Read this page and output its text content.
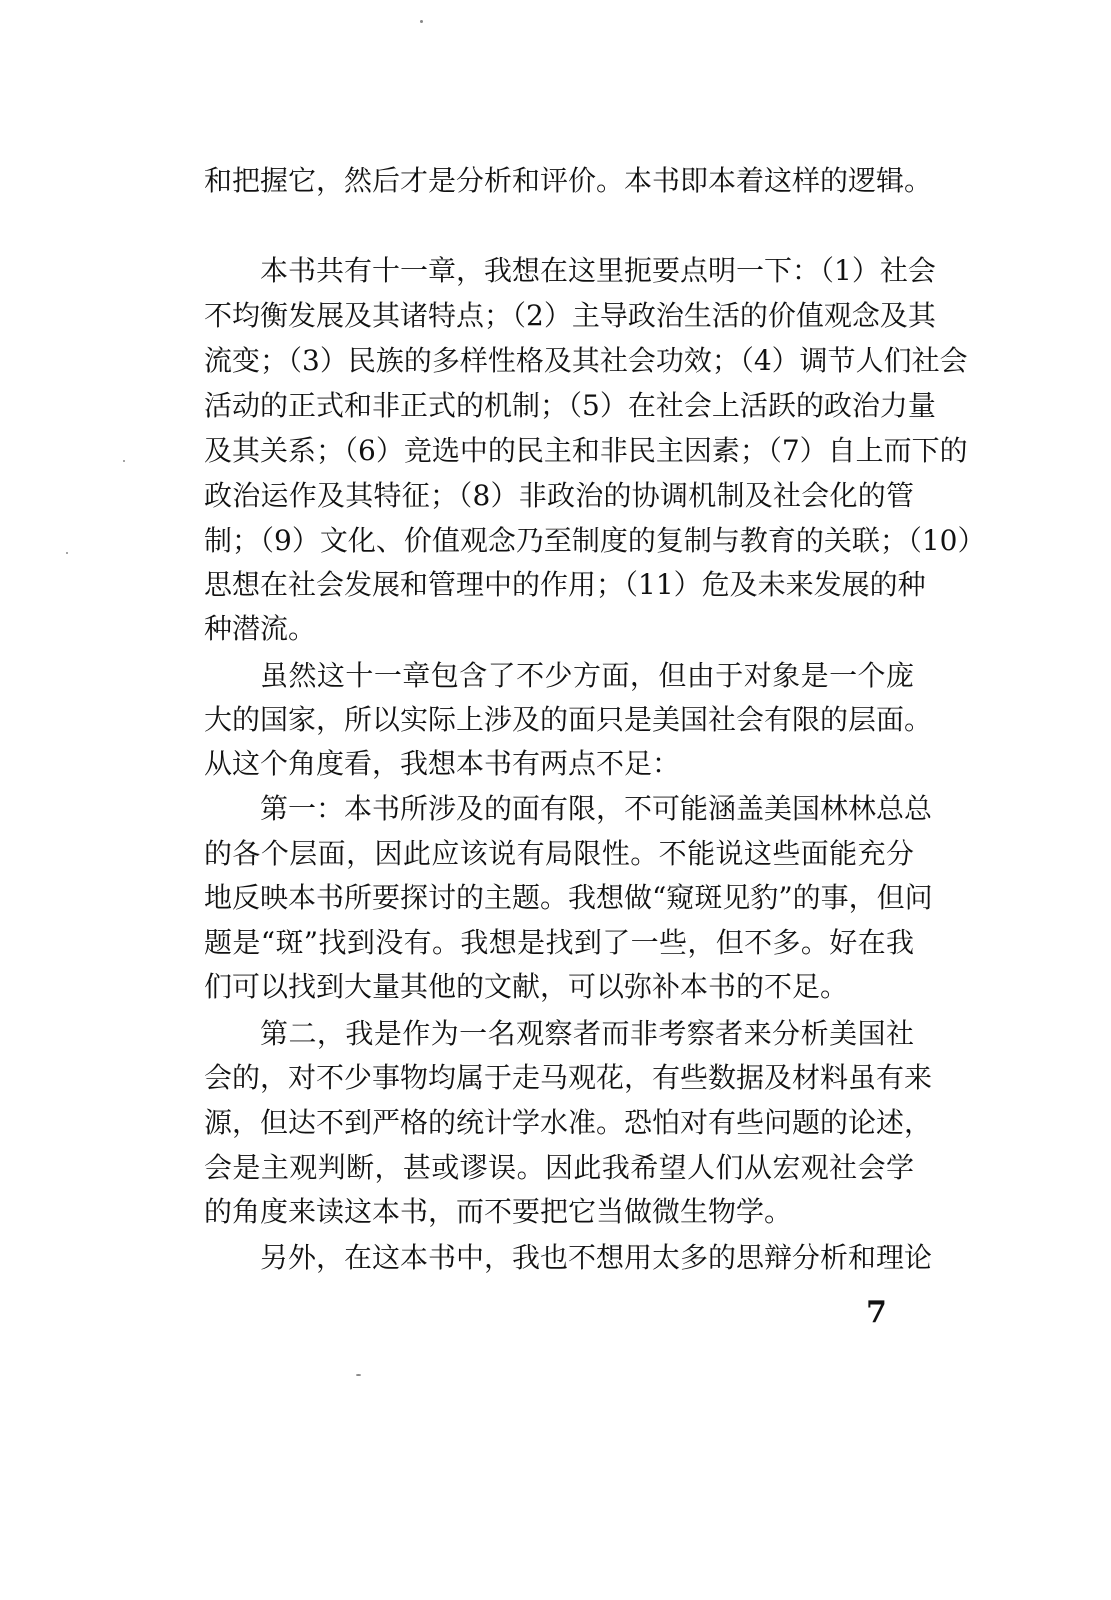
和把握它，然后才是分析和评价。本书即本着这样的逻辑。
本书共有十一章，我想在这里扼要点明一下：（1）社会
不均衡发展及其诸特点；（2）主导政治生活的价值观念及其
流变；（3）民族的多样性格及其社会功效；（4）调节人们社会
活动的正式和非正式的机制；（5）在社会上活跃的政治力量
及其关系；（6）竞选中的民主和非民主因素；（7）自上而下的
政治运作及其特征；（8）非政治的协调机制及社会化的管
制；（9）文化、价值观念乃至制度的复制与教育的关联；（10）
思想在社会发展和管理中的作用；（11）危及未来发展的种
种潜流。
虽然这十一章包含了不少方面，但由于对象是一个庞
大的国家，所以实际上涉及的面只是美国社会有限的层面。
从这个角度看，我想本书有两点不足：
第一：本书所涉及的面有限，不可能涵盖美国林林总总
的各个层面，因此应该说有局限性。不能说这些面能充分
地反映本书所要探讨的主题。我想做“窥斑见豹”的事，但问
题是“斑”找到没有。我想是找到了一些，但不多。好在我
们可以找到大量其他的文献，可以弥补本书的不足。
第二，我是作为一名观察者而非考察者来分析美国社
会的，对不少事物均属于走马观花，有些数据及材料虽有来
源，但达不到严格的统计学水准。恐怕对有些问题的论述，
会是主观判断，甚或谬误。因此我希望人们从宏观社会学
的角度来读这本书，而不要把它当做微生物学。
另外，在这本书中，我也不想用太多的思辩分析和理论
7
